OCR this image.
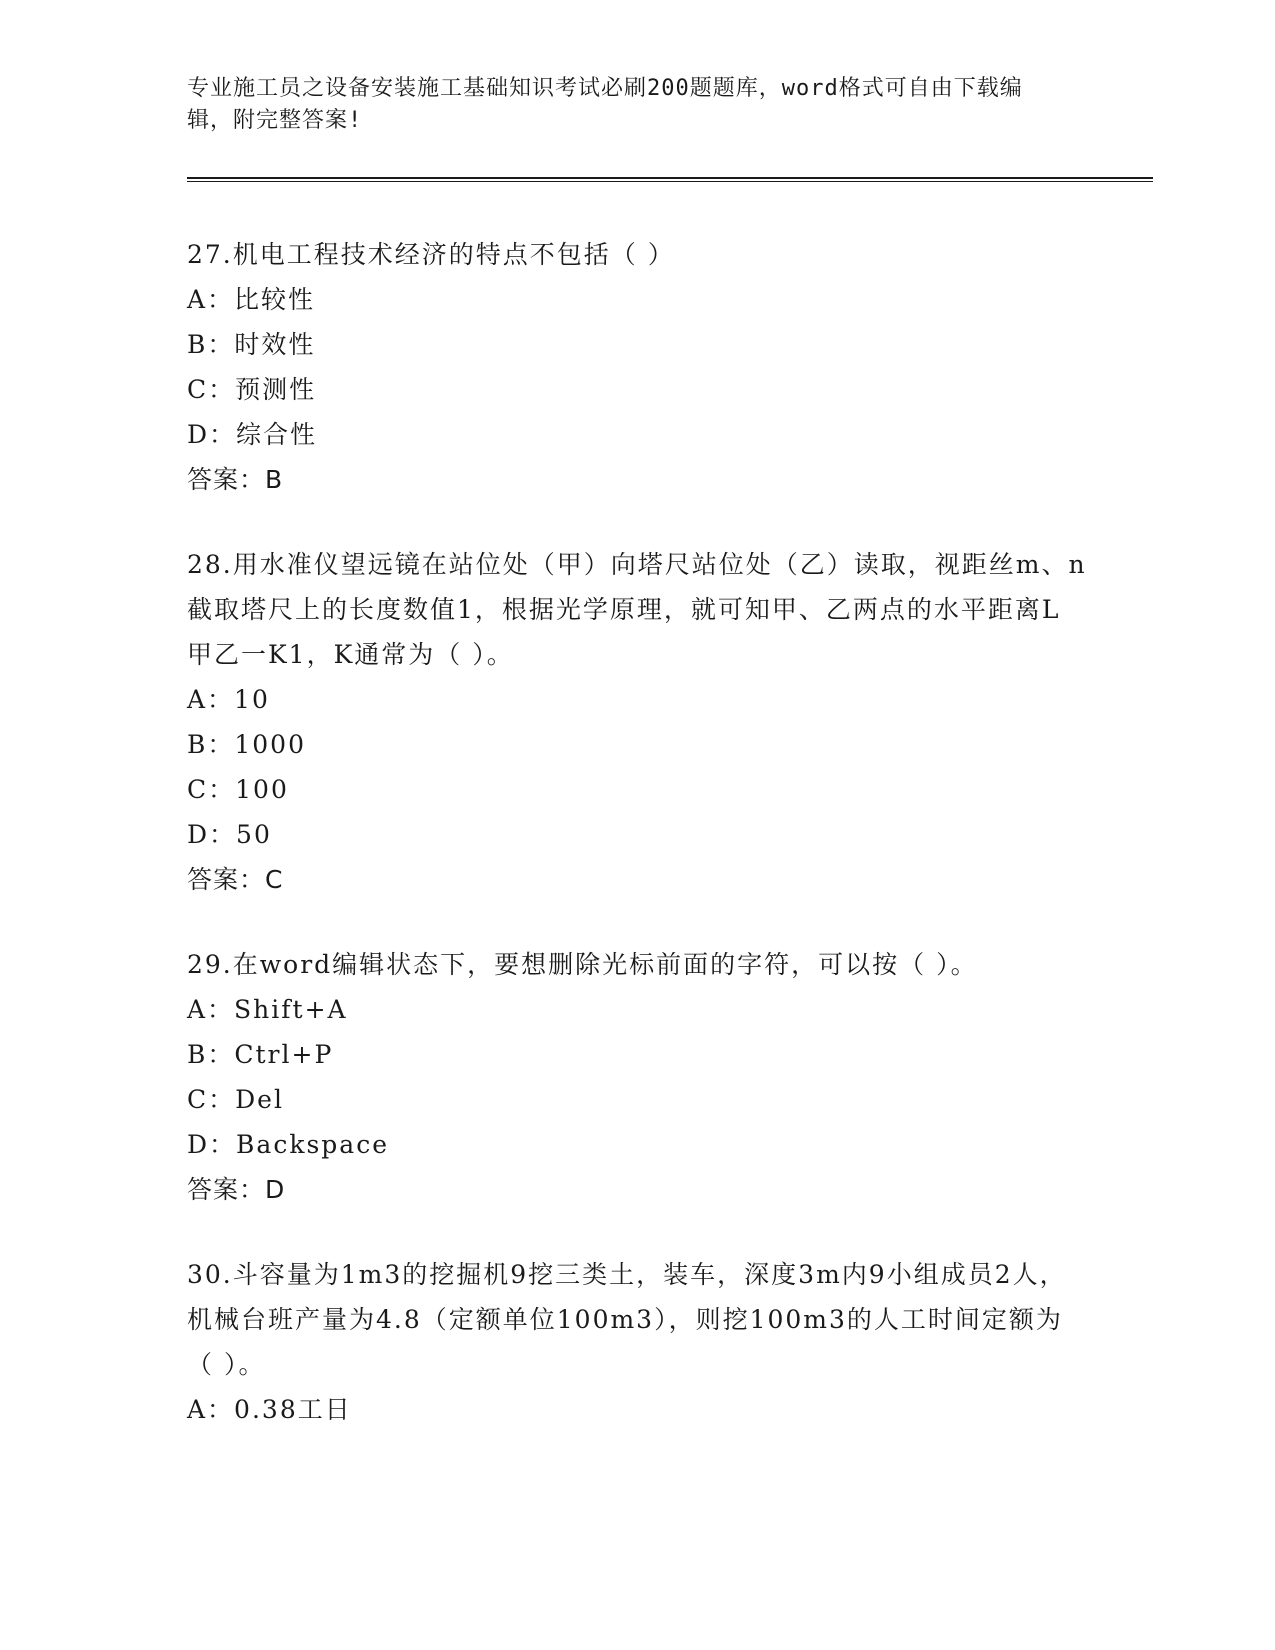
专业施工员之设备安装施工基础知识考试必刷200题题库，word格式可自由下载编辑，附完整答案!
27.机电工程技术经济的特点不包括（ ）
A：比较性
B：时效性
C：预测性
D：综合性
答案：B
28.用水准仪望远镜在站位处（甲）向塔尺站位处（乙）读取，视距丝m、n截取塔尺上的长度数值1，根据光学原理，就可知甲、乙两点的水平距离L甲乙一K1，K通常为（ ）。
A：10
B：1000
C：100
D：50
答案：C
29.在word编辑状态下，要想删除光标前面的字符，可以按（ ）。
A：Shift+A
B：Ctrl+P
C：Del
D：Backspace
答案：D
30.斗容量为1m3的挖掘机9挖三类土，装车，深度3m内9小组成员2人，机械台班产量为4.8（定额单位100m3），则挖100m3的人工时间定额为（ ）。
A：0.38工日
